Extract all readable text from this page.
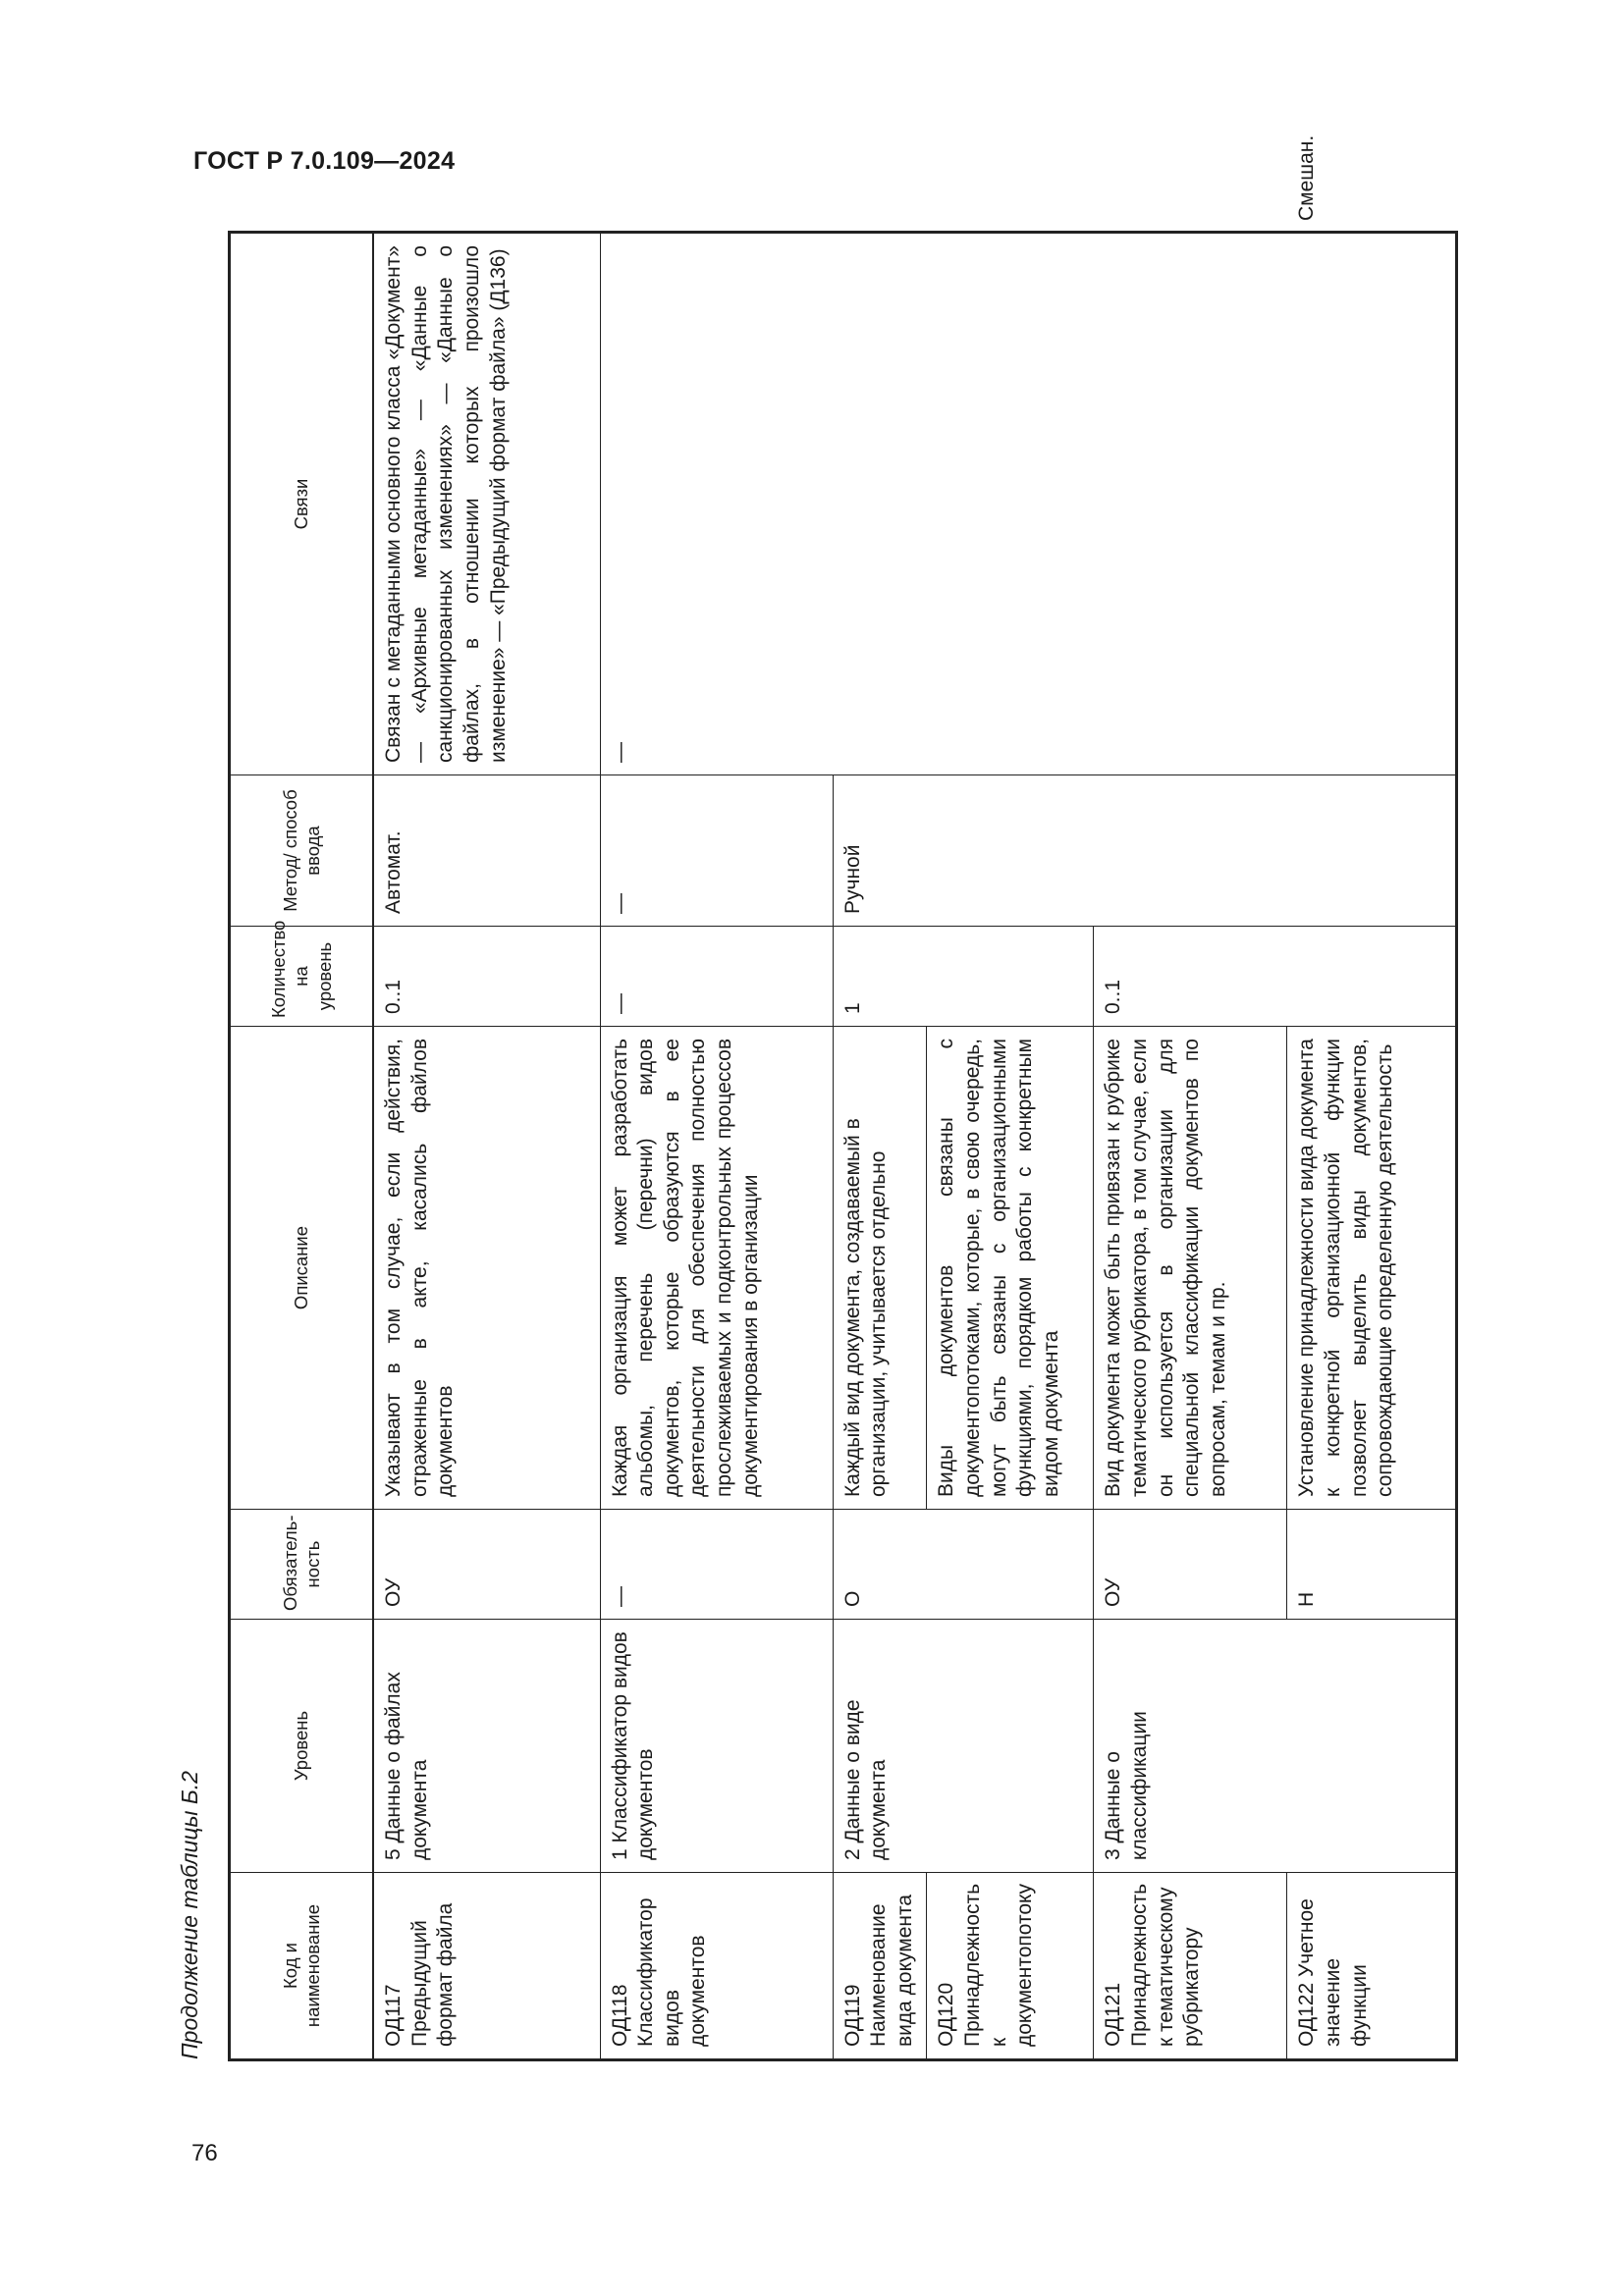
ГОСТ Р 7.0.109—2024
76
Продолжение таблицы Б.2	Код и наименование	Уровень	Обязатель-ность	Описание	Количество на уровень	Метод/ способ ввода	Связи	
ОД117 Предыдущий формат файла	5 Данные о файлах документа	ОУ	Указывают в том случае, если действия, отраженные в акте, касались файлов документов	0..1	Автомат.	Связан с метаданными основного класса «Документ» — «Архивные метаданные» — «Данные о санкционированных изменениях» — «Данные о файлах, в отношении которых произошло изменение» — «Предыдущий формат файла» (Д136)	
ОД118 Классификатор видов документов	1 Классификатор видов документов	—	Каждая организация может разработать альбомы, перечень (перечни) видов документов, которые образуются в ее деятельности для обеспечения полностью прослеживаемых и подконтрольных процессов документирования в организации	—	—	—	
ОД119 Наименование вида документа	2 Данные о виде документа	О	Каждый вид документа, создаваемый в организации, учитывается отдельно	1	Ручной		
ОД120 Принадлежность к документопотоку			Виды документов связаны с документопотоками, которые, в свою очередь, могут быть связаны с организационными функциями, порядком работы с конкретным видом документа				
ОД121 Принадлежность к тематическому рубрикатору	3 Данные о классификации	ОУ	Вид документа может быть привязан к рубрике тематического рубрикатора, в том случае, если он используется в организации для специальной классификации документов по вопросам, темам и пр.	0..1			
ОД122 Учетное значение функции		Н	Установление принадлежности вида документа к конкретной организационной функции позволяет выделить виды документов, сопровождающие определенную деятельность				Смешан.
